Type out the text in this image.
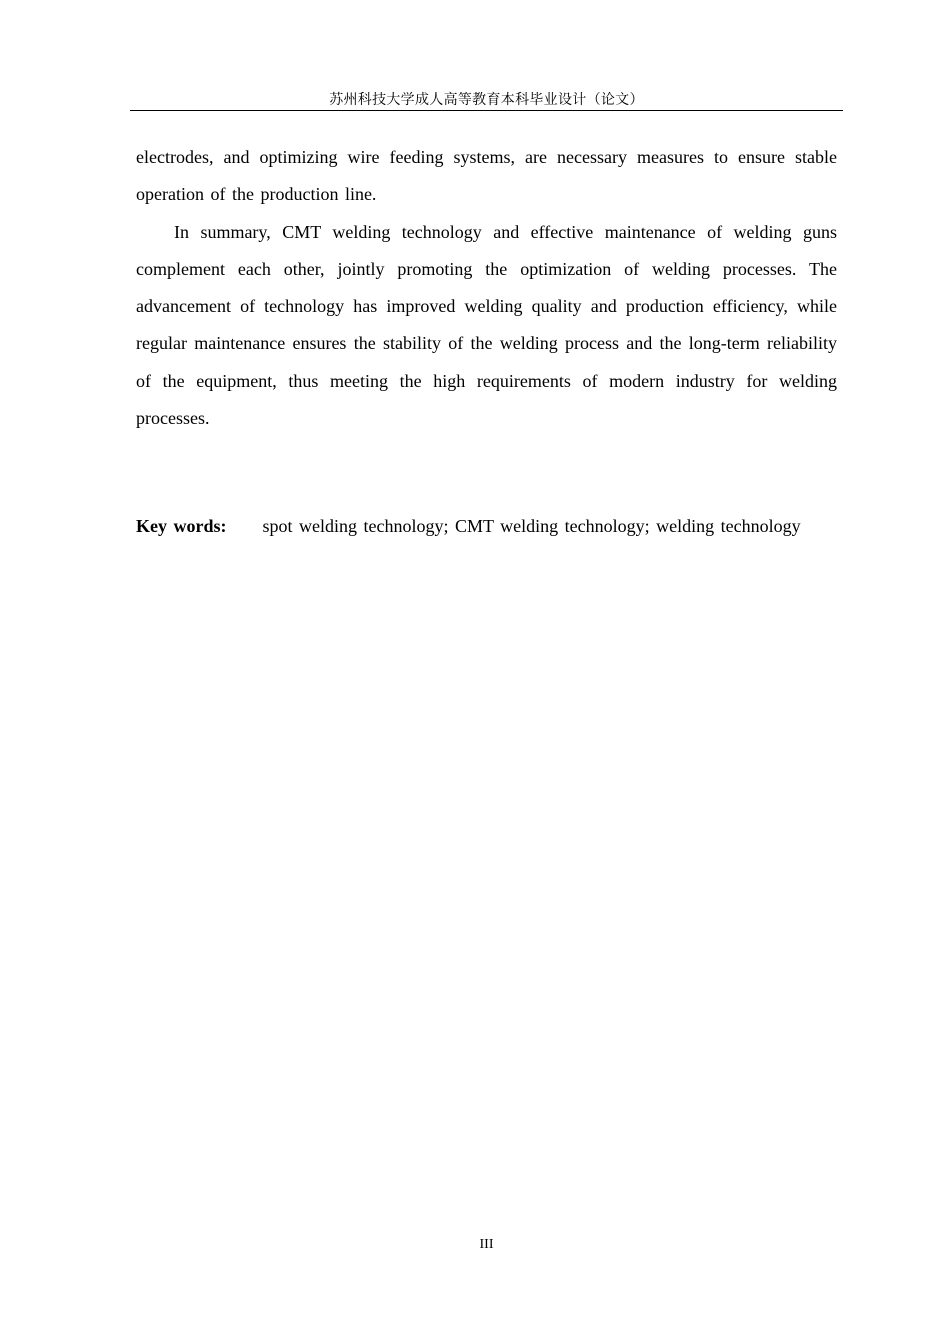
苏州科技大学成人高等教育本科毕业设计（论文）

electrodes, and optimizing wire feeding systems, are necessary measures to ensure stable operation of the production line.

In summary, CMT welding technology and effective maintenance of welding guns complement each other, jointly promoting the optimization of welding processes. The advancement of technology has improved welding quality and production efficiency, while regular maintenance ensures the stability of the welding process and the long-term reliability of the equipment, thus meeting the high requirements of modern industry for welding processes.

Key words: spot welding technology; CMT welding technology; welding technology

III
